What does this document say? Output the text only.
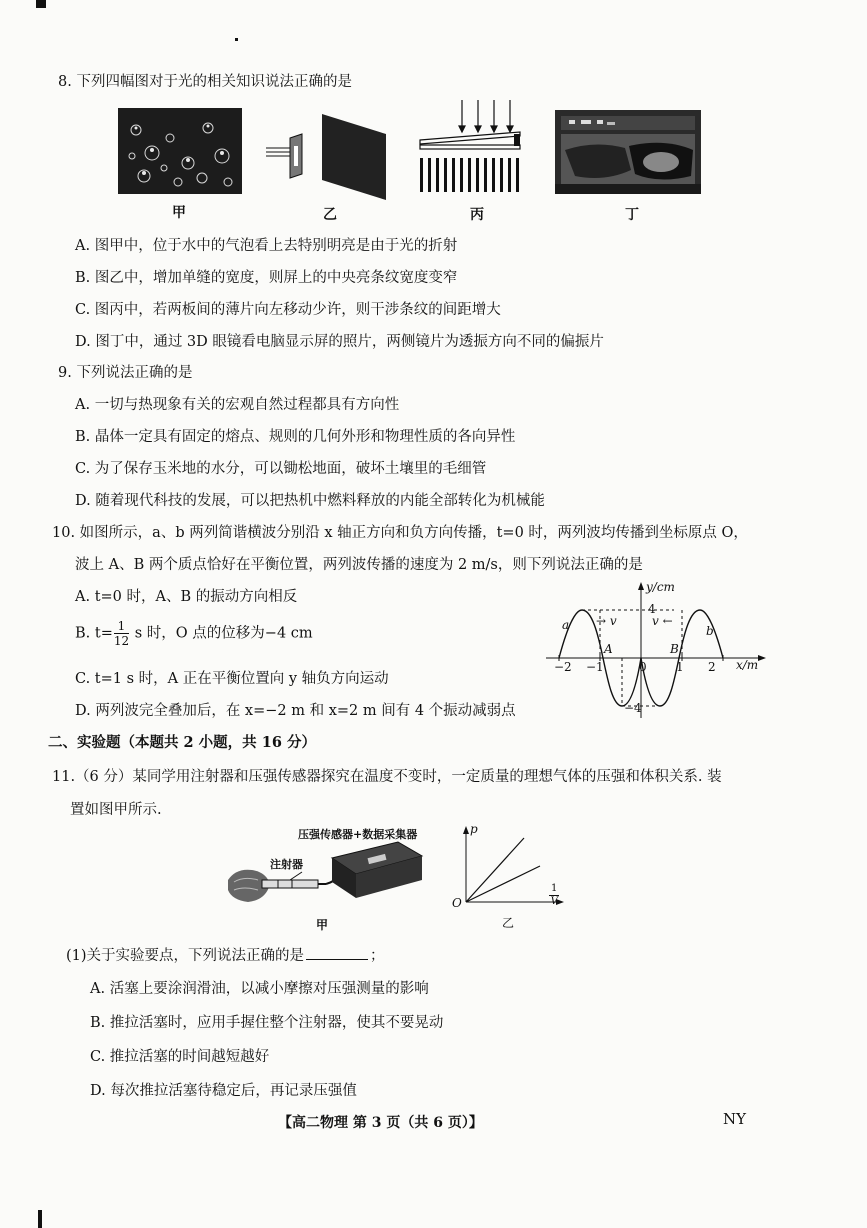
8. 下列四幅图对于光的相关知识说法正确的是
甲	乙	丙	丁
A. 图甲中，位于水中的气泡看上去特别明亮是由于光的折射
B. 图乙中，增加单缝的宽度，则屏上的中央亮条纹宽度变窄
C. 图丙中，若两板间的薄片向左移动少许，则干涉条纹的间距增大
D. 图丁中，通过 3D 眼镜看电脑显示屏的照片，两侧镜片为透振方向不同的偏振片
9. 下列说法正确的是
A. 一切与热现象有关的宏观自然过程都具有方向性
B. 晶体一定具有固定的熔点、规则的几何外形和物理性质的各向异性
C. 为了保存玉米地的水分，可以锄松地面，破坏土壤里的毛细管
D. 随着现代科技的发展，可以把热机中燃料释放的内能全部转化为机械能
10. 如图所示，a、b 两列简谐横波分别沿 x 轴正方向和负方向传播，t=0 时，两列波均传播到坐标原点 O，
波上 A、B 两个质点恰好在平衡位置，两列波传播的速度为 2 m/s，则下列说法正确的是
A. t=0 时，A、B 的振动方向相反
B. $t= \frac{1}{12}$ s 时，O 点的位移为−4 cm
C. t=1 s 时，A 正在平衡位置向 y 轴负方向运动
D. 两列波完全叠加后，在 x=−2 m 和 x=2 m 间有 4 个振动减弱点
y/cm
x/m
4
−4
0
−2 −1	1 2
A	B
a	b
→ v	v ←
二、实验题（本题共 2 小题，共 16 分）
11.（6 分）某同学用注射器和压强传感器探究在温度不变时，一定质量的理想气体的压强和体积关系. 装
置如图甲所示.
压强传感器+数据采集器
注射器
甲
p
O	$\frac{1}{V}$
乙
(1)关于实验要点，下列说法正确的是	；
A. 活塞上要涂润滑油，以减小摩擦对压强测量的影响
B. 推拉活塞时，应用手握住整个注射器，使其不要晃动
C. 推拉活塞的时间越短越好
D. 每次推拉活塞待稳定后，再记录压强值
【高二物理 第 3 页（共 6 页）】	NY
